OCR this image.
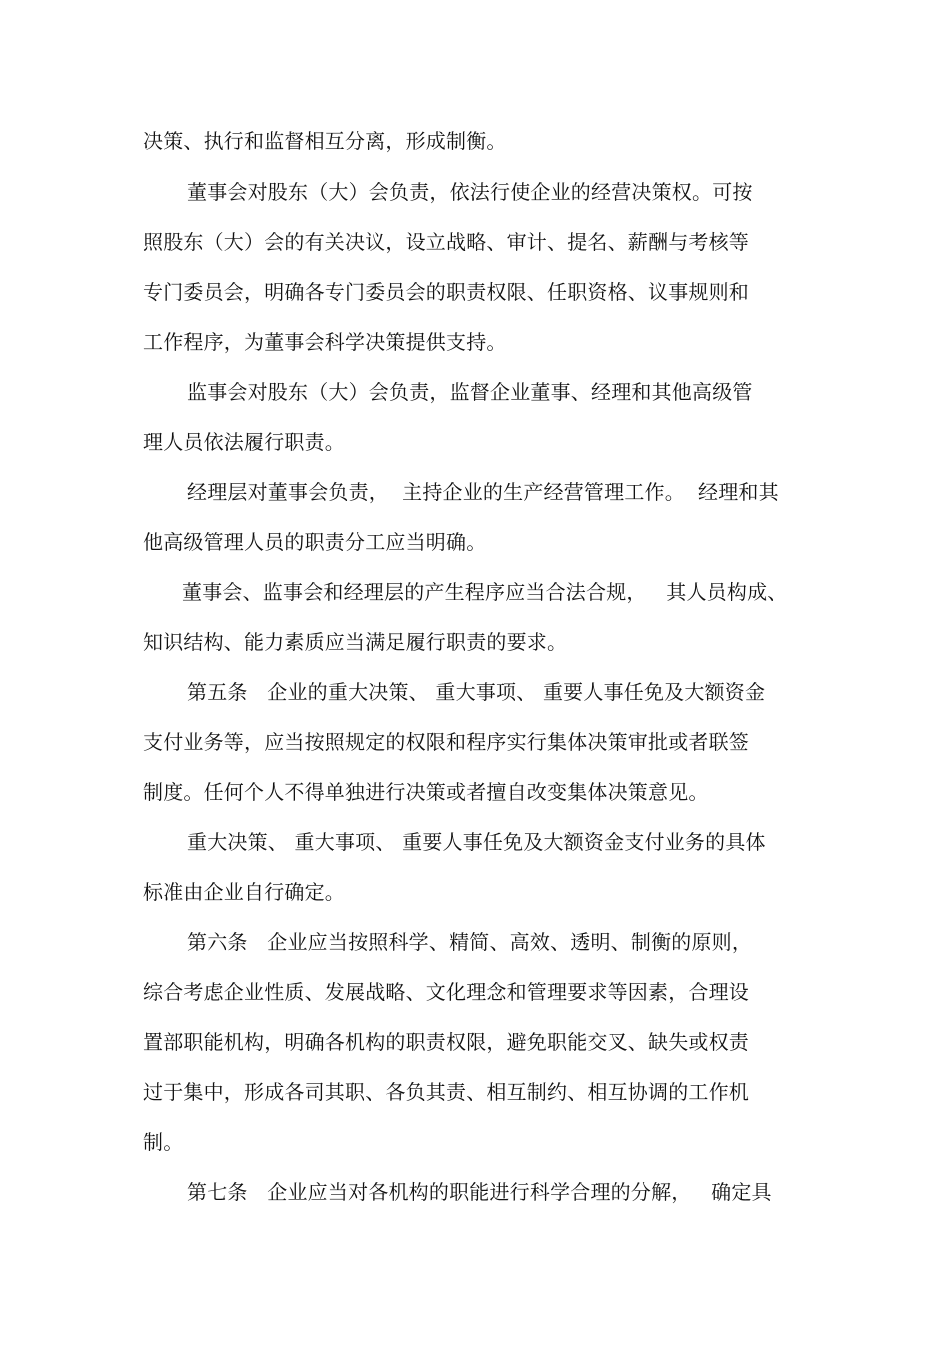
决策、执行和监督相互分离，形成制衡。
董事会对股东（大）会负责，依法行使企业的经营决策权。可按
照股东（大）会的有关决议，设立战略、审计、提名、薪酬与考核等
专门委员会，明确各专门委员会的职责权限、任职资格、议事规则和
工作程序，为董事会科学决策提供支持。
监事会对股东（大）会负责，监督企业董事、经理和其他高级管
理人员依法履行职责。
经理层对董事会负责，  主持企业的生产经营管理工作。  经理和其
他高级管理人员的职责分工应当明确。
董事会、监事会和经理层的产生程序应当合法合规，   其人员构成、
知识结构、能力素质应当满足履行职责的要求。
第五条   企业的重大决策、 重大事项、 重要人事任免及大额资金
支付业务等，应当按照规定的权限和程序实行集体决策审批或者联签
制度。任何个人不得单独进行决策或者擅自改变集体决策意见。
重大决策、 重大事项、 重要人事任免及大额资金支付业务的具体
标准由企业自行确定。
第六条   企业应当按照科学、精简、高效、透明、制衡的原则，
综合考虑企业性质、发展战略、文化理念和管理要求等因素，合理设
置部职能机构，明确各机构的职责权限，避免职能交叉、缺失或权责
过于集中，形成各司其职、各负其责、相互制约、相互协调的工作机
制。
第七条   企业应当对各机构的职能进行科学合理的分解，   确定具
